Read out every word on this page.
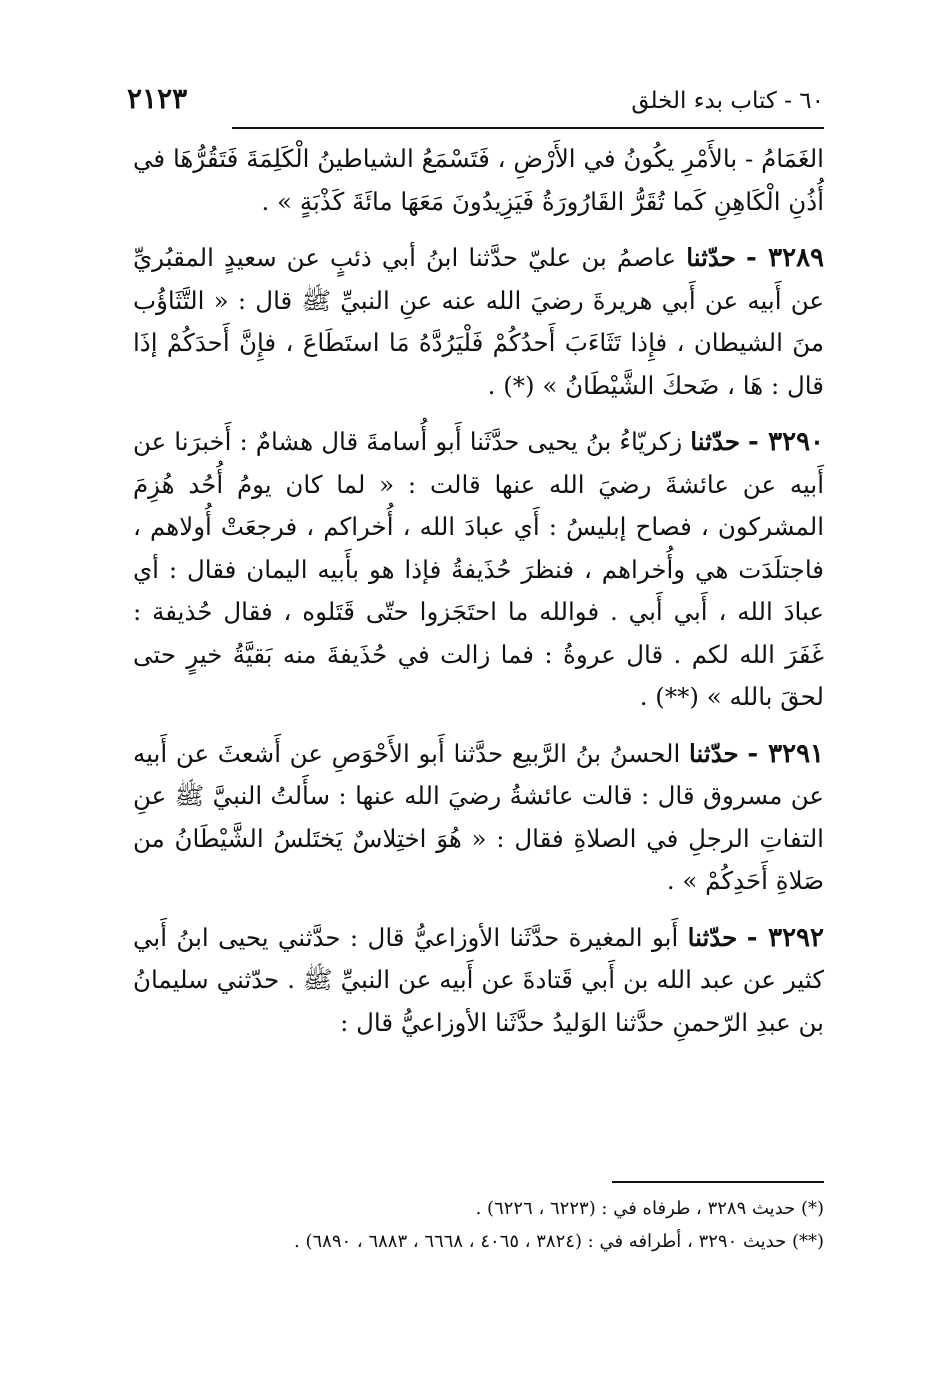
٦٠ - كتاب بدء الخلق
٢١٢٣

الغَمَامُ - بالأَمْرِ يكُونُ في الأَرْضِ ، فَتَسْمَعُ الشياطينُ الْكَلِمَةَ فَتَقُرُّهَا في أُذُنِ الْكَاهِنِ كَما تُقَرُّ القَارُورَةُ فَيَزِيدُونَ مَعَهَا مائَةَ كَذْبَةٍ » .

٣٢٨٩ - حدّثنا عاصمُ بن عليّ حدَّثنا ابنُ أبي ذئبٍ عن سعيدٍ المقبُريِّ عن أَبيه عن أَبي هريرةَ رضيَ الله عنه عنِ النبيِّ ﷺ قال : « التَّثَاؤُب منَ الشيطان ، فإِذا تَثَاءَبَ أَحدُكُمْ فَلْيَرُدَّهُ مَا استَطَاعَ ، فإِنَّ أَحدَكُمْ إذَا قال : هَا ، ضَحكَ الشَّيْطَانُ » (*) .

٣٢٩٠ - حدّثنا زكريّاءُ بنُ يحيى حدَّثَنا أَبو أُسامةَ قال هشامٌ : أَخبرَنا عن أَبيه عن عائشةَ رضيَ الله عنها قالت : « لما كان يومُ أُحُد هُزِمَ المشركون ، فصاح إبليسُ : أَي عبادَ الله ، أُخراكم ، فرجعَتْ أُولاهم ، فاجتلَدَت هي وأُخراهم ، فنظرَ حُذَيفةُ فإذا هو بأَبيه اليمان فقال : أي عبادَ الله ، أَبي أَبي . فوالله ما احتَجَزوا حتّى قَتَلوه ، فقال حُذيفة : غَفَرَ الله لكم . قال عروةُ : فما زالت في حُذَيفةَ منه بَقيَّةُ خيرٍ حتى لحقَ بالله » (**) .

٣٢٩١ - حدّثنا الحسنُ بنُ الرَّبيع حدَّثنا أَبو الأَحْوَصِ عن أَشعثَ عن أَبيه عن مسروق قال : قالت عائشةُ رضيَ الله عنها : سأَلتُ النبيَّ ﷺ عنِ التفاتِ الرجلِ في الصلاةِ فقال : « هُوَ اختِلاسٌ يَختَلسُ الشَّيْطَانُ من صَلاةِ أَحَدِكُمْ » .

٣٢٩٢ - حدّثنا أَبو المغيرة حدَّثَنا الأوزاعيُّ قال : حدَّثني يحيى ابنُ أَبي كثير عن عبد الله بن أَبي قَتادةَ عن أَبيه عن النبيِّ ﷺ . حدّثني سليمانُ بن عبدِ الرّحمنِ حدَّثنا الوَليدُ حدَّثَنا الأوزاعيُّ قال :

(*) حديث ٣٢٨٩ ، طرفاه في : (٦٢٢٣ ، ٦٢٢٦) .

(**) حديث ٣٢٩٠ ، أطرافه في : (٣٨٢٤ ، ٤٠٦٥ ، ٦٦٦٨ ، ٦٨٨٣ ، ٦٨٩٠) .
